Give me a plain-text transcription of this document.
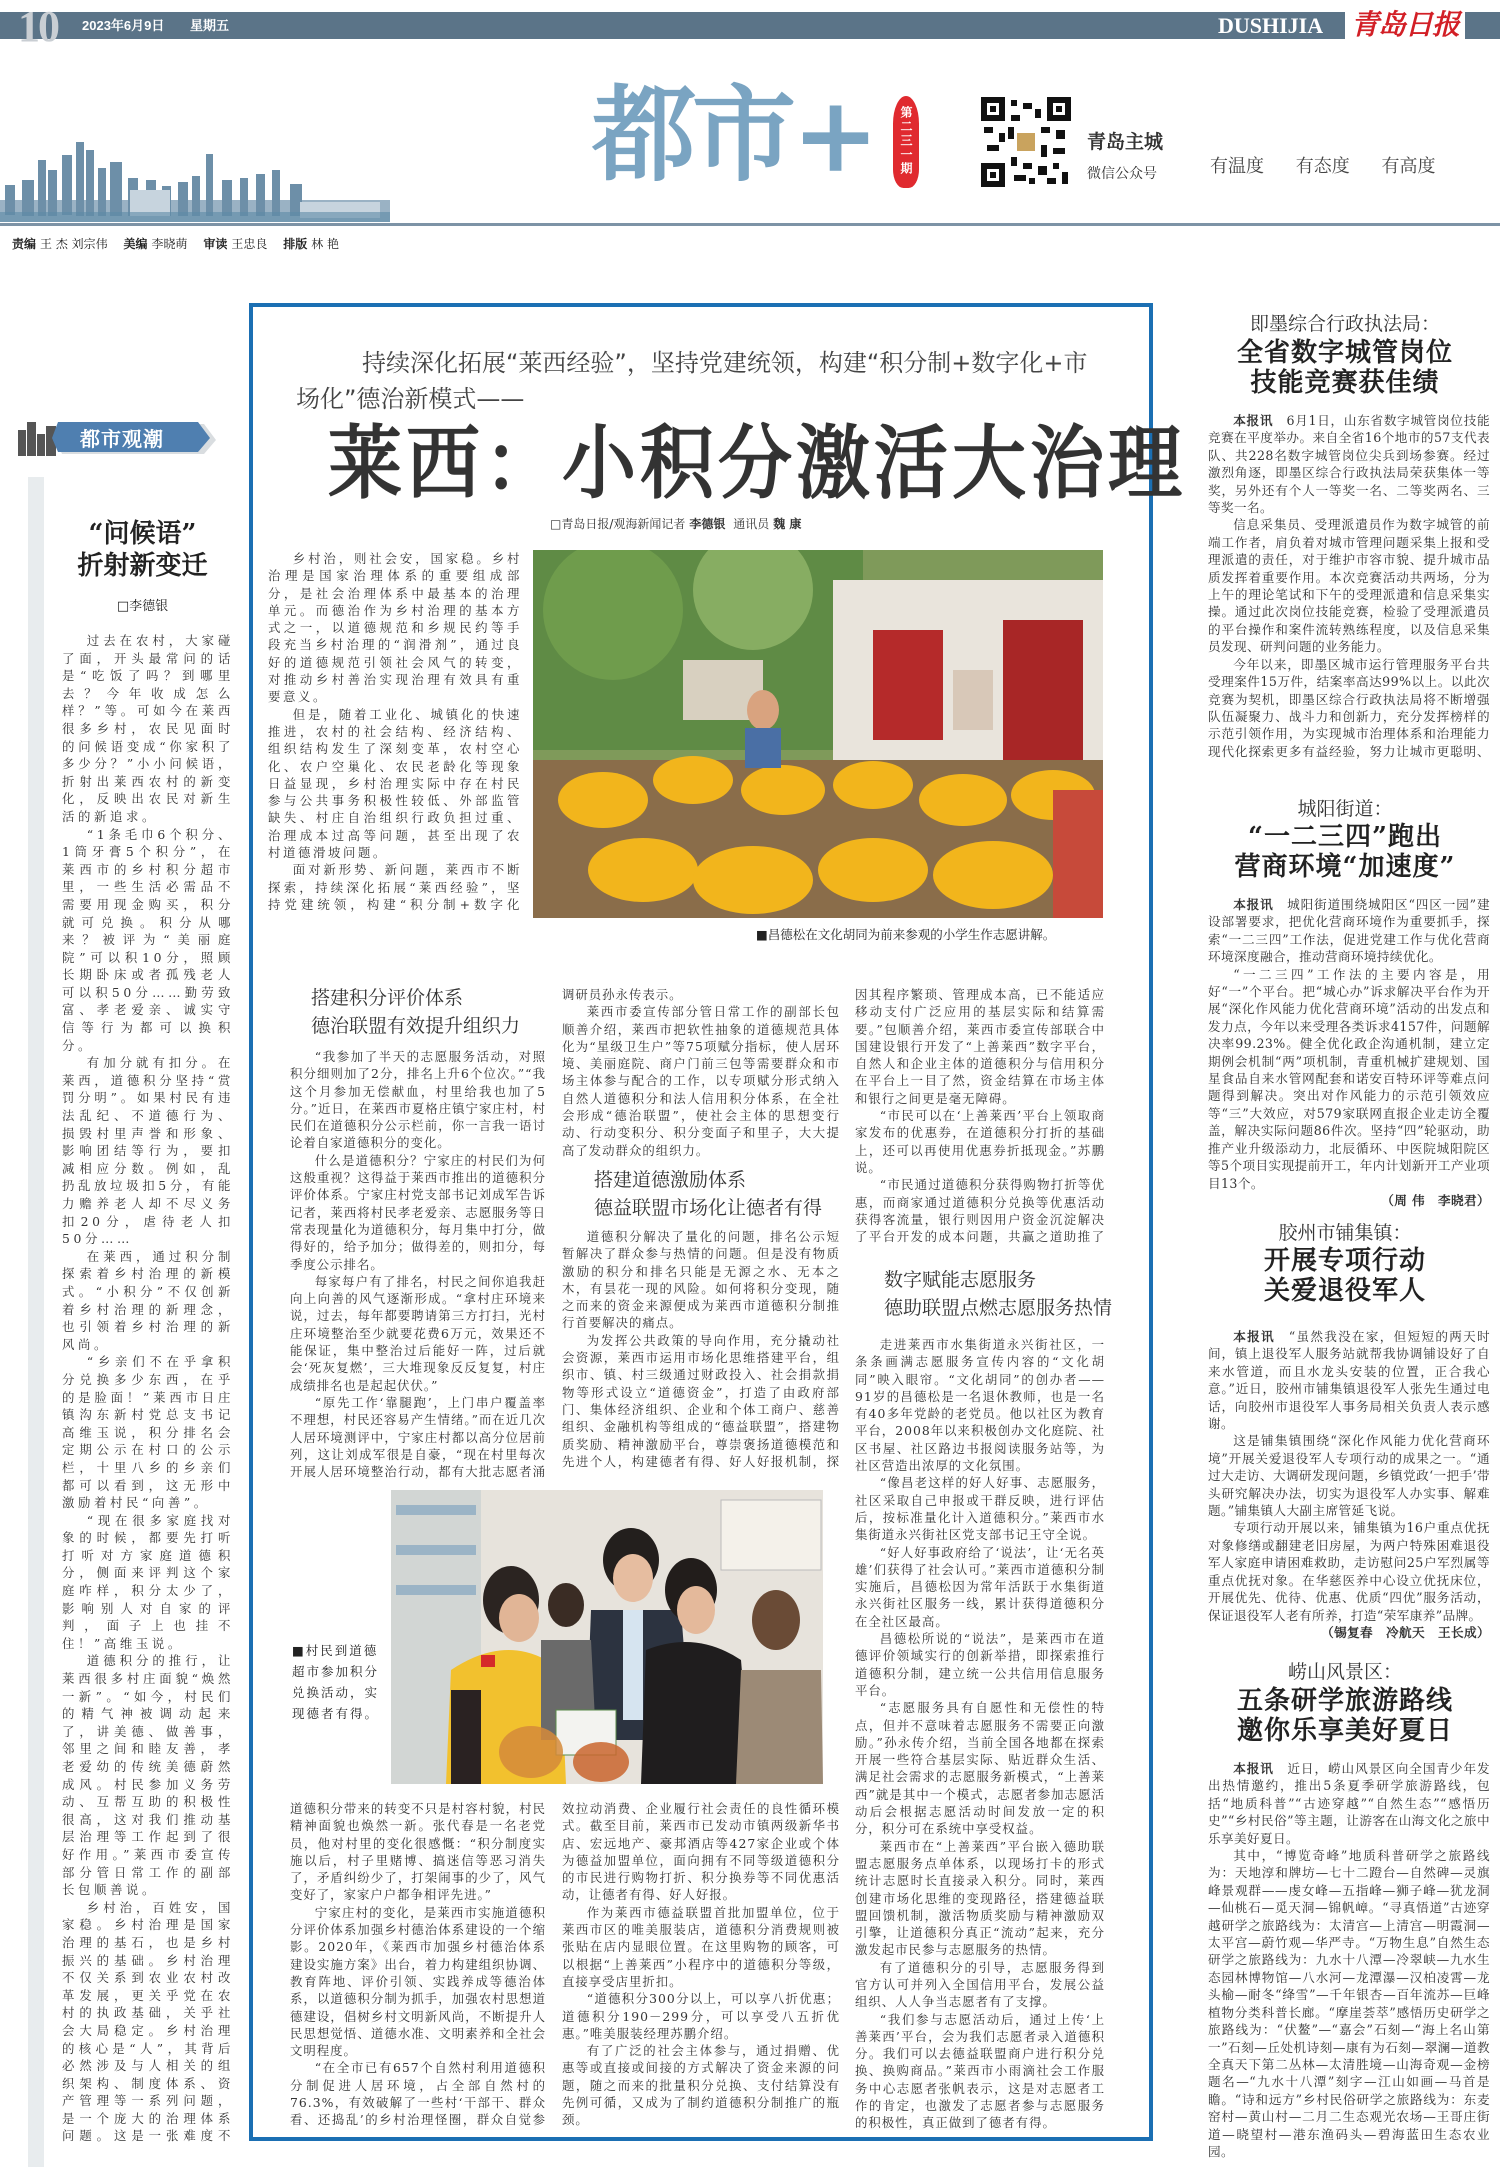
10 2023年6月9日 星期五	DUSHIJIA 青岛日报
都市+	第二三一期	青岛主城
微信公众号	有温度 有态度 有高度
责编 王 杰 刘宗伟 美编 李晓萌 审读 王忠良 排版 林 艳
都市观潮
“问候语”
折射新变迁
□李德银

过去在农村，大家碰了面，开头最常问的话是“吃饭了吗？到哪里去？今年收成怎么样？”等。可如今在莱西很多乡村，农民见面时的问候语变成“你家积了多少分？”小小问候语，折射出莱西农村的新变化，反映出农民对新生活的新追求。

“1条毛巾6个积分、1筒牙膏5个积分”，在莱西市的乡村积分超市里，一些生活必需品不需要用现金购买，积分就可兑换。积分从哪来？被评为“美丽庭院”可以积10分，照顾长期卧床或者孤残老人可以积50分……勤劳致富、孝老爱亲、诚实守信等行为都可以换积分。

有加分就有扣分。在莱西，道德积分坚持“赏罚分明”。如果村民有违法乱纪、不道德行为、损毁村里声誉和形象、影响团结等行为，要扣减相应分数。例如，乱扔乱放垃圾扣5分，有能力赡养老人却不尽义务扣20分，虐待老人扣50分……

在莱西，通过积分制探索着乡村治理的新模式。“小积分”不仅创新着乡村治理的新理念，也引领着乡村治理的新风尚。

“乡亲们不在乎拿积分兑换多少东西，在乎的是脸面！”莱西市日庄镇沟东新村党总支书记高维玉说，积分排名会定期公示在村口的公示栏，十里八乡的乡亲们都可以看到，这无形中激励着村民“向善”。

“现在很多家庭找对象的时候，都要先打听打听对方家庭道德积分，侧面来评判这个家庭咋样，积分太少了，影响别人对自家的评判，面子上也挂不住！”高维玉说。

道德积分的推行，让莱西很多村庄面貌“焕然一新”。“如今，村民们的精气神被调动起来了，讲美德、做善事，邻里之间和睦友善，孝老爱幼的传统美德蔚然成风。村民参加义务劳动、互帮互助的积极性很高，这对我们推动基层治理等工作起到了很好作用。”莱西市委宣传部分管日常工作的副部长包顺善说。

乡村治，百姓安，国家稳。乡村治理是国家治理的基石，也是乡村振兴的基础。乡村治理不仅关系到农业农村改革发展，更关乎党在农村的执政基础，关乎社会大局稳定。乡村治理的核心是“人”，其背后必然涉及与人相关的组织架构、制度体系、资产管理等一系列问题，是一个庞大的治理体系问题。这是一张难度不

持续深化拓展“莱西经验”，坚持党建统领，构建“积分制+数字化+市场化”德治新模式——
莱西：小积分激活大治理
□青岛日报/观海新闻记者 李德银 通讯员 魏 康

乡村治，则社会安，国家稳。乡村治理是国家治理体系的重要组成部分，是社会治理体系中最基本的治理单元。而德治作为乡村治理的基本方式之一，以道德规范和乡规民约等手段充当乡村治理的“润滑剂”，通过良好的道德规范引领社会风气的转变，对推动乡村善治实现治理有效具有重要意义。

但是，随着工业化、城镇化的快速推进，农村的社会结构、经济结构、组织结构发生了深刻变革，农村空心化、农户空巢化、农民老龄化等现象日益显现，乡村治理实际中存在村民参与公共事务积极性较低、外部监管缺失、村庄自治组织行政负担过重、治理成本过高等问题，甚至出现了农村道德滑坡问题。

面对新形势、新问题，莱西市不断探索，持续深化拓展“莱西经验”，坚持党建统领，构建“积分制+数字化

■昌德松在文化胡同为前来参观的小学生作志愿讲解。
搭建积分评价体系
德治联盟有效提升组织力

“我参加了半天的志愿服务活动，对照积分细则加了2分，排名上升6个位次。”“我这个月参加无偿献血，村里给我也加了5分。”近日，在莱西市夏格庄镇宁家庄村，村民们在道德积分公示栏前，你一言我一语讨论着自家道德积分的变化。

什么是道德积分？宁家庄的村民们为何这般重视？这得益于莱西市推出的道德积分评价体系。宁家庄村党支部书记刘成军告诉记者，莱西将村民孝老爱亲、志愿服务等日常表现量化为道德积分，每月集中打分，做得好的，给予加分；做得差的，则扣分，每季度公示排名。

每家每户有了排名，村民之间你追我赶向上向善的风气逐渐形成。“拿村庄环境来说，过去，每年都要聘请第三方打扫，光村庄环境整治至少就要花费6万元，效果还不能保证，集中整治过后能好一阵，过后就会‘死灰复燃’，三大堆现象反反复复，村庄成绩排名也是起起伏伏。”

“原先工作‘靠腿跑’，上门串户覆盖率不理想，村民还容易产生情绪。”而在近几次人居环境测评中，宁家庄村都以高分位居前列，这让刘成军很是自豪，“现在村里每次开展人居环境整治行动，都有大批志愿者涌

道德积分带来的转变不只是村容村貌，村民精神面貌也焕然一新。张代春是一名老党员，他对村里的变化很感慨：“积分制度实施以后，村子里赌博、搞迷信等恶习消失了，矛盾纠纷少了，打架闹事的少了，风气变好了，家家户户都争相评先进。”

宁家庄村的变化，是莱西市实施道德积分评价体系加强乡村德治体系建设的一个缩影。2020年，《莱西市加强乡村德治体系建设实施方案》出台，着力构建组织协调、教育阵地、评价引领、实践养成等德治体系，以道德积分制为抓手，加强农村思想道德建设，倡树乡村文明新风尚，不断提升人民思想觉悟、道德水准、文明素养和全社会文明程度。

“在全市已有657个自然村利用道德积分制促进人居环境，占全部自然村的76.3%，有效破解了一些村‘干部干、群众看、还捣乱’的乡村治理怪圈，群众自觉参

调研员孙永传表示。

莱西市委宣传部分管日常工作的副部长包顺善介绍，莱西市把软性抽象的道德规范具体化为“星级卫生户”等75项赋分指标，使人居环境、美丽庭院、商户门前三包等需要群众和市场主体参与配合的工作，以专项赋分形式纳入自然人道德积分和法人信用积分体系，在全社会形成“德治联盟”，使社会主体的思想变行动、行动变积分、积分变面子和里子，大大提高了发动群众的组织力。

搭建道德激励体系
德益联盟市场化让德者有得

道德积分解决了量化的问题，排名公示短暂解决了群众参与热情的问题。但是没有物质激励的积分和排名只能是无源之水、无本之木，有昙花一现的风险。如何将积分变现，随之而来的资金来源便成为莱西市道德积分制推行首要解决的痛点。

为发挥公共政策的导向作用，充分撬动社会资源，莱西市运用市场化思维搭建平台，组织市、镇、村三级通过财政投入、社会捐款捐物等形式设立“道德资金”，打造了由政府部门、集体经济组织、企业和个体工商户、慈善组织、金融机构等组成的“德益联盟”，搭建物质奖励、精神激励平台，尊崇褒扬道德模范和先进个人，构建德者有得、好人好报机制，探

效拉动消费、企业履行社会责任的良性循环模式。截至目前，莱西市已发动市镇两级新华书店、宏远地产、豪邦酒店等427家企业或个体为德益加盟单位，面向拥有不同等级道德积分的市民进行购物打折、积分换券等不同优惠活动，让德者有得、好人好报。

作为莱西市德益联盟首批加盟单位，位于莱西市区的唯美服装店，道德积分消费规则被张贴在店内显眼位置。在这里购物的顾客，可以根据“上善莱西”小程序中的道德积分等级，直接享受店里折扣。

“道德积分300分以上，可以享八折优惠；道德积分190－299分，可以享受八五折优惠。”唯美服装经理苏鹏介绍。

有了广泛的社会主体参与，通过捐赠、优惠等或直接或间接的方式解决了资金来源的问题，随之而来的批量积分兑换、支付结算没有先例可循，又成为了制约道德积分制推广的瓶颈。

因其程序繁琐、管理成本高，已不能适应移动支付广泛应用的基层实际和结算需要。”包顺善介绍，莱西市委宣传部联合中国建设银行开发了“上善莱西”数字平台，自然人和企业主体的道德积分与信用积分在平台上一目了然，资金结算在市场主体和银行之间更是毫无障碍。

“市民可以在‘上善莱西’平台上领取商家发布的优惠券，在道德积分打折的基础上，还可以再使用优惠券折抵现金。”苏鹏说。

“市民通过道德积分获得购物打折等优惠，而商家通过道德积分兑换等优惠活动获得客流量，银行则因用户资金沉淀解决了平台开发的成本问题，共赢之道助推了

■村民到道德超市参加积分兑换活动，实现德者有得。
数字赋能志愿服务
德助联盟点燃志愿服务热情

走进莱西市水集街道永兴街社区，一条条画满志愿服务宣传内容的“文化胡同”映入眼帘。“文化胡同”的创办者——91岁的昌德松是一名退休教师，也是一名有40多年党龄的老党员。他以社区为教育平台，2008年以来积极创办文化庭院、社区书屋、社区路边书报阅读服务站等，为社区营造出浓厚的文化氛围。

“像昌老这样的好人好事、志愿服务，社区采取自己申报或干群反映，进行评估后，按标准量化计入道德积分。”莱西市水集街道永兴街社区党支部书记王守全说。

“好人好事政府给了‘说法’，让‘无名英雄’们获得了社会认可。”莱西市道德积分制实施后，昌德松因为常年活跃于水集街道永兴街社区服务一线，累计获得道德积分在全社区最高。

昌德松所说的“说法”，是莱西市在道德评价领域实行的创新举措，即探索推行道德积分制，建立统一公共信用信息服务平台。

“志愿服务具有自愿性和无偿性的特点，但并不意味着志愿服务不需要正向激励。”孙永传介绍，当前全国各地都在探索开展一些符合基层实际、贴近群众生活、满足社会需求的志愿服务新模式，“上善莱西”就是其中一个模式，志愿者参加志愿活动后会根据志愿活动时间发放一定的积分，积分可在系统中享受权益。

莱西市在“上善莱西”平台嵌入德助联盟志愿服务点单体系，以现场打卡的形式统计志愿时长直接录入积分。同时，莱西创建市场化思维的变现路径，搭建德益联盟回馈机制，激活物质奖励与精神激励双引擎，让道德积分真正“流动”起来，充分激发起市民参与志愿服务的热情。

有了道德积分的引导，志愿服务得到官方认可并列入全国信用平台，发展公益组织、人人争当志愿者有了支撑。

“我们参与志愿活动后，通过上传‘上善莱西’平台，会为我们志愿者录入道德积分。我们可以去德益联盟商户进行积分兑换、换购商品。”莱西市小雨滴社会工作服务中心志愿者张帆表示，这是对志愿者工作的肯定，也激发了志愿者参与志愿服务的积极性，真正做到了德者有得。

即墨综合行政执法局：
全省数字城管岗位
技能竞赛获佳绩

本报讯　 6月1日，山东省数字城管岗位技能竞赛在平度举办。来自全省16个地市的57支代表队、共228名数字城管岗位尖兵到场参赛。经过激烈角逐，即墨区综合行政执法局荣获集体一等奖，另外还有个人一等奖一名、二等奖两名、三等奖一名。

信息采集员、受理派遣员作为数字城管的前端工作者，肩负着对城市管理问题采集上报和受理派遣的责任，对于维护市容市貌、提升城市品质发挥着重要作用。本次竞赛活动共两场，分为上午的理论笔试和下午的受理派遣和信息采集实操。通过此次岗位技能竞赛，检验了受理派遣员的平台操作和案件流转熟练程度，以及信息采集员发现、研判问题的业务能力。

今年以来，即墨区城市运行管理服务平台共受理案件15万件，结案率高达99%以上。以此次竞赛为契机，即墨区综合行政执法局将不断增强队伍凝聚力、战斗力和创新力，充分发挥榜样的示范引领作用，为实现城市治理体系和治理能力现代化探索更多有益经验，努力让城市更聪明、

城阳街道：
“一二三四”跑出
营商环境“加速度”

本报讯　 城阳街道围绕城阳区“四区一园”建设部署要求，把优化营商环境作为重要抓手，探索“一二三四”工作法，促进党建工作与优化营商环境深度融合，推动营商环境持续优化。

“一二三四”工作法的主要内容是，用好“一”个平台。把“城心办”诉求解决平台作为开展“深化作风能力优化营商环境”活动的出发点和发力点，今年以来受理各类诉求4157件，问题解决率99.23%。健全优化政企沟通机制，建立定期例会机制“两”项机制，青重机械扩建规划、国星食品自来水管网配套和诺安百特环评等难点问题得到解决。突出对作风能力的示范引领效应等“三”大效应，对579家联网直报企业走访全覆盖，解决实际问题86件次。坚持“四”轮驱动，助推产业升级添动力，北辰循环、中医院城阳院区等5个项目实现提前开工，年内计划新开工产业项目13个。

（周 伟　李晓君）
胶州市铺集镇：
开展专项行动
关爱退役军人

本报讯　 “虽然我没在家，但短短的两天时间，镇上退役军人服务站就帮我协调铺设好了自来水管道，而且水龙头安装的位置，正合我心意。”近日，胶州市铺集镇退役军人张先生通过电话，向胶州市退役军人事务局相关负责人表示感谢。

这是铺集镇围绕“深化作风能力优化营商环境”开展关爱退役军人专项行动的成果之一。“通过大走访、大调研发现问题，乡镇党政‘一把手’带头研究解决办法，切实为退役军人办实事、解难题。”铺集镇人大副主席管延飞说。

专项行动开展以来，铺集镇为16户重点优抚对象修缮或翻建老旧房屋，为两户特殊困难退役军人家庭申请困难救助，走访慰问25户军烈属等重点优抚对象。在华慈医养中心设立优抚床位，开展优先、优待、优惠、优质“四优”服务活动，保证退役军人老有所养，打造“荣军康养”品牌。

（锡复春　冷航天　王长成）
崂山风景区：
五条研学旅游路线
邀你乐享美好夏日

本报讯　 近日，崂山风景区向全国青少年发出热情邀约，推出5条夏季研学旅游路线，包括“地质科普”“古迹穿越”“自然生态”“感悟历史”“乡村民俗”等主题，让游客在山海文化之旅中乐享美好夏日。

其中，“博览奇峰”地质科普研学之旅路线为：天地淳和牌坊—七十二蹬台—自然碑—灵旗峰景观群——虔女峰—五指峰—狮子峰—犹龙洞—仙桃石—觅天洞—锦帆嶂。“寻真悟道”古迹穿越研学之旅路线为：太清宫—上清宫—明霞洞—太平宫—蔚竹观—华严寺。“万物生息”自然生态研学之旅路线为：九水十八潭—冷翠峡—九水生态园林博物馆—八水河—龙潭瀑—汉柏凌霄—龙头榆—耐冬“绛雪”—千年银杏—百年流苏—巨峰植物分类科普长廊。“摩崖荟萃”感悟历史研学之旅路线为：“伏鳌”—“嘉会”石刻—“海上名山第一”石刻—丘处机诗刻—康有为石刻—翠澜—道教全真天下第二丛林—太清胜境—山海奇观—金榜题名—“九水十八潭”刻字—江山如画—马首是瞻。“诗和远方”乡村民俗研学之旅路线为：东麦窑村—黄山村—二月二生态观光农场—王哥庄街道—晓望村—港东渔码头—碧海蓝田生态农业园。
